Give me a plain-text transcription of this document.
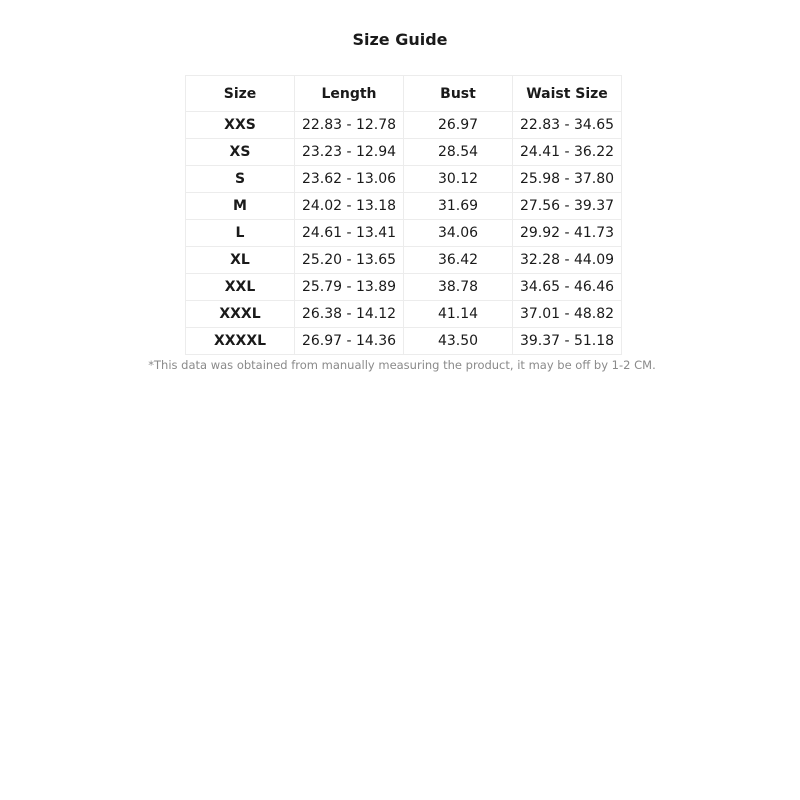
Size Guide
Size	Length	Bust	Waist Size
XXS	22.83 - 12.78	26.97	22.83 - 34.65
XS	23.23 - 12.94	28.54	24.41 - 36.22
S	23.62 - 13.06	30.12	25.98 - 37.80
M	24.02 - 13.18	31.69	27.56 - 39.37
L	24.61 - 13.41	34.06	29.92 - 41.73
XL	25.20 - 13.65	36.42	32.28 - 44.09
XXL	25.79 - 13.89	38.78	34.65 - 46.46
XXXL	26.38 - 14.12	41.14	37.01 - 48.82
XXXXL	26.97 - 14.36	43.50	39.37 - 51.18
*This data was obtained from manually measuring the product, it may be off by 1-2 CM.
